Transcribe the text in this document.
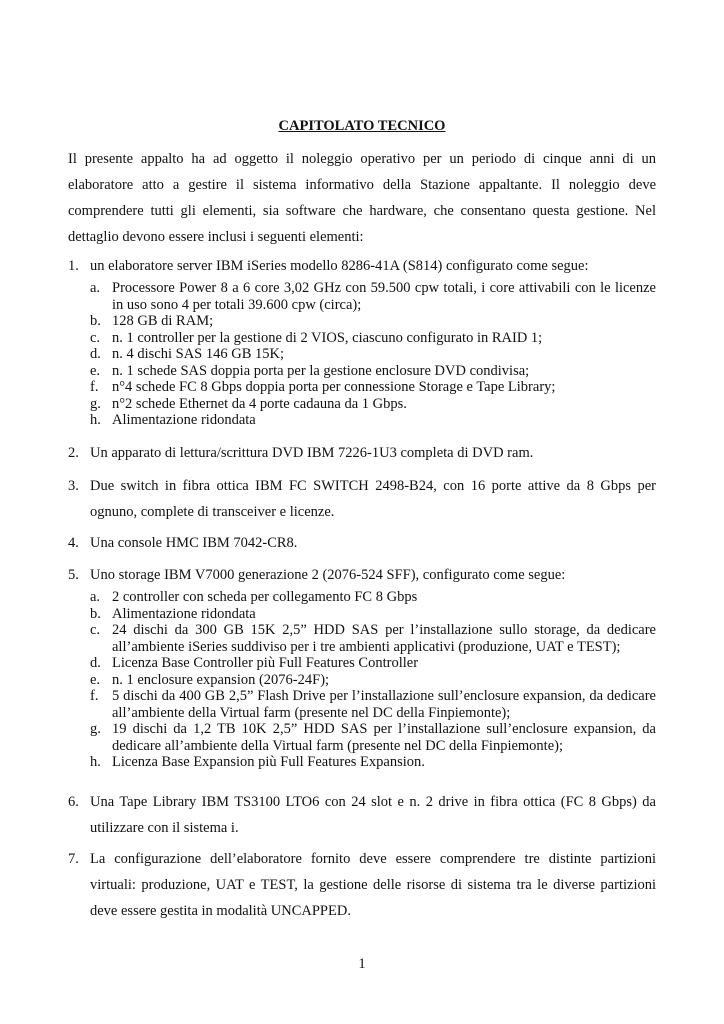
CAPITOLATO TECNICO

Il presente appalto ha ad oggetto il noleggio operativo per un periodo di cinque anni di un elaboratore atto a gestire il sistema informativo della Stazione appaltante. Il noleggio deve comprendere tutti gli elementi, sia software che hardware, che consentano questa gestione. Nel dettaglio devono essere inclusi i seguenti elementi:

1. un elaboratore server IBM iSeries modello 8286-41A (S814) configurato come segue:
a. Processore Power 8 a 6 core 3,02 GHz con 59.500 cpw totali, i core attivabili con le licenze in uso sono 4 per totali 39.600 cpw (circa);
b. 128 GB di RAM;
c. n. 1 controller per la gestione di 2 VIOS, ciascuno configurato in RAID 1;
d. n. 4 dischi SAS 146 GB 15K;
e. n. 1 schede SAS doppia porta per la gestione enclosure DVD condivisa;
f. n°4 schede FC 8 Gbps doppia porta per connessione Storage e Tape Library;
g. n°2 schede Ethernet da 4 porte cadauna da 1 Gbps.
h. Alimentazione ridondata
2. Un apparato di lettura/scrittura DVD IBM 7226-1U3 completa di DVD ram.
3. Due switch in fibra ottica IBM FC SWITCH 2498-B24, con 16 porte attive da 8 Gbps per ognuno, complete di transceiver e licenze.
4. Una console HMC IBM 7042-CR8.
5. Uno storage IBM V7000 generazione 2 (2076-524 SFF), configurato come segue:
a. 2 controller con scheda per collegamento FC 8 Gbps
b. Alimentazione ridondata
c. 24 dischi da 300 GB 15K 2,5” HDD SAS per l’installazione sullo storage, da dedicare all’ambiente iSeries suddiviso per i tre ambienti applicativi (produzione, UAT e TEST);
d. Licenza Base Controller più Full Features Controller
e. n. 1 enclosure expansion (2076-24F);
f. 5 dischi da 400 GB 2,5” Flash Drive per l’installazione sull’enclosure expansion, da dedicare all’ambiente della Virtual farm (presente nel DC della Finpiemonte);
g. 19 dischi da 1,2 TB 10K 2,5” HDD SAS per l’installazione sull’enclosure expansion, da dedicare all’ambiente della Virtual farm (presente nel DC della Finpiemonte);
h. Licenza Base Expansion più Full Features Expansion.
6. Una Tape Library IBM TS3100 LTO6 con 24 slot e n. 2 drive in fibra ottica (FC 8 Gbps) da utilizzare con il sistema i.
7. La configurazione dell’elaboratore fornito deve essere comprendere tre distinte partizioni virtuali: produzione, UAT e TEST, la gestione delle risorse di sistema tra le diverse partizioni deve essere gestita in modalità UNCAPPED.
1
